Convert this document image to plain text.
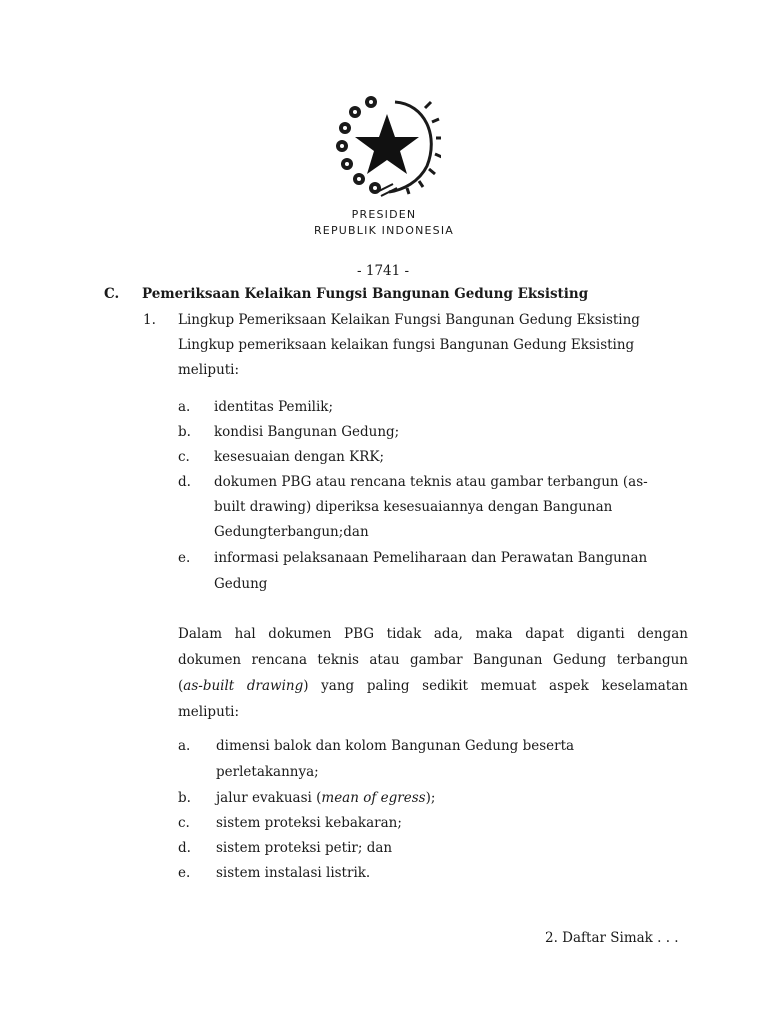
PRESIDEN
REPUBLIK INDONESIA
- 1741 -
C. Pemeriksaan Kelaikan Fungsi Bangunan Gedung Eksisting
1. Lingkup Pemeriksaan Kelaikan Fungsi Bangunan Gedung Eksisting
Lingkup pemeriksaan kelaikan fungsi Bangunan Gedung Eksisting
meliputi:
a. identitas Pemilik;
b. kondisi Bangunan Gedung;
c. kesesuaian dengan KRK;
d. dokumen PBG atau rencana teknis atau gambar terbangun (as-
built drawing) diperiksa kesesuaiannya dengan Bangunan
Gedungterbangun;dan
e. informasi pelaksanaan Pemeliharaan dan Perawatan Bangunan
Gedung
Dalam hal dokumen PBG tidak ada, maka dapat diganti dengan
dokumen rencana teknis atau gambar Bangunan Gedung terbangun
(as-built drawing) yang paling sedikit memuat aspek keselamatan
meliputi:
a. dimensi balok dan kolom Bangunan Gedung beserta
perletakannya;
b. jalur evakuasi (mean of egress);
c. sistem proteksi kebakaran;
d. sistem proteksi petir; dan
e. sistem instalasi listrik.
2. Daftar Simak . . .
